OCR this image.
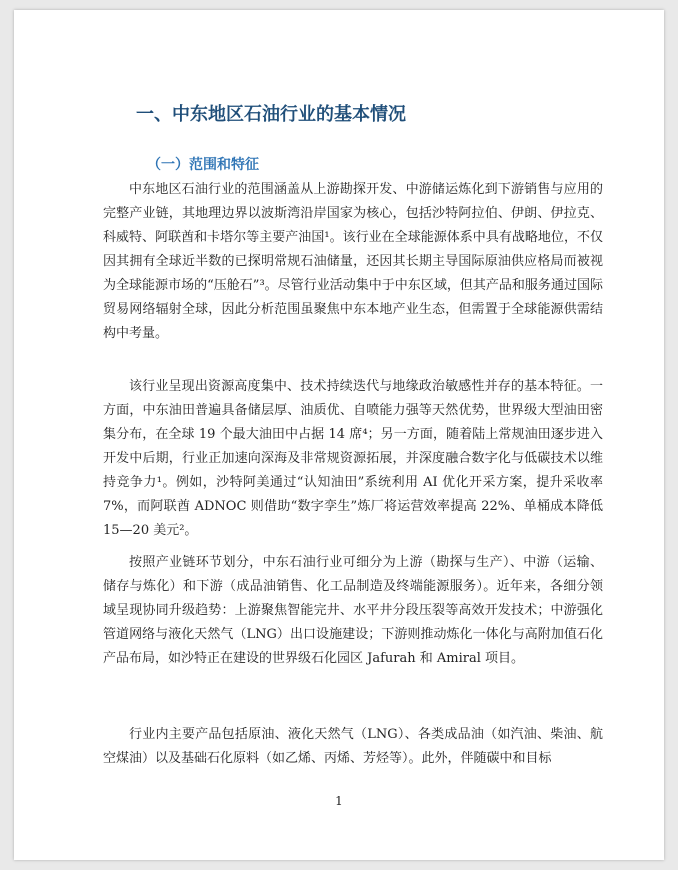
一、中东地区石油行业的基本情况
（一）范围和特征
中东地区石油行业的范围涵盖从上游勘探开发、中游储运炼化到下游销售与应用的完整产业链，其地理边界以波斯湾沿岸国家为核心，包括沙特阿拉伯、伊朗、伊拉克、科威特、阿联酋和卡塔尔等主要产油国¹。该行业在全球能源体系中具有战略地位，不仅因其拥有全球近半数的已探明常规石油储量，还因其长期主导国际原油供应格局而被视为全球能源市场的“压舱石”³。尽管行业活动集中于中东区域，但其产品和服务通过国际贸易网络辐射全球，因此分析范围虽聚焦中东本地产业生态，但需置于全球能源供需结构中考量。
该行业呈现出资源高度集中、技术持续迭代与地缘政治敏感性并存的基本特征。一方面，中东油田普遍具备储层厚、油质优、自喷能力强等天然优势，世界级大型油田密集分布，在全球 19 个最大油田中占据 14 席⁴；另一方面，随着陆上常规油田逐步进入开发中后期，行业正加速向深海及非常规资源拓展，并深度融合数字化与低碳技术以维持竞争力¹。例如，沙特阿美通过“认知油田”系统利用 AI 优化开采方案，提升采收率 7%，而阿联酋 ADNOC 则借助“数字孪生”炼厂将运营效率提高 22%、单桶成本降低 15—20 美元²。
按照产业链环节划分，中东石油行业可细分为上游（勘探与生产）、中游（运输、储存与炼化）和下游（成品油销售、化工品制造及终端能源服务）。近年来，各细分领域呈现协同升级趋势：上游聚焦智能完井、水平井分段压裂等高效开发技术；中游强化管道网络与液化天然气（LNG）出口设施建设；下游则推动炼化一体化与高附加值石化产品布局，如沙特正在建设的世界级石化园区 Jafurah 和 Amiral 项目。
行业内主要产品包括原油、液化天然气（LNG）、各类成品油（如汽油、柴油、航空煤油）以及基础石化原料（如乙烯、丙烯、芳烃等）。此外，伴随碳中和目标
1
